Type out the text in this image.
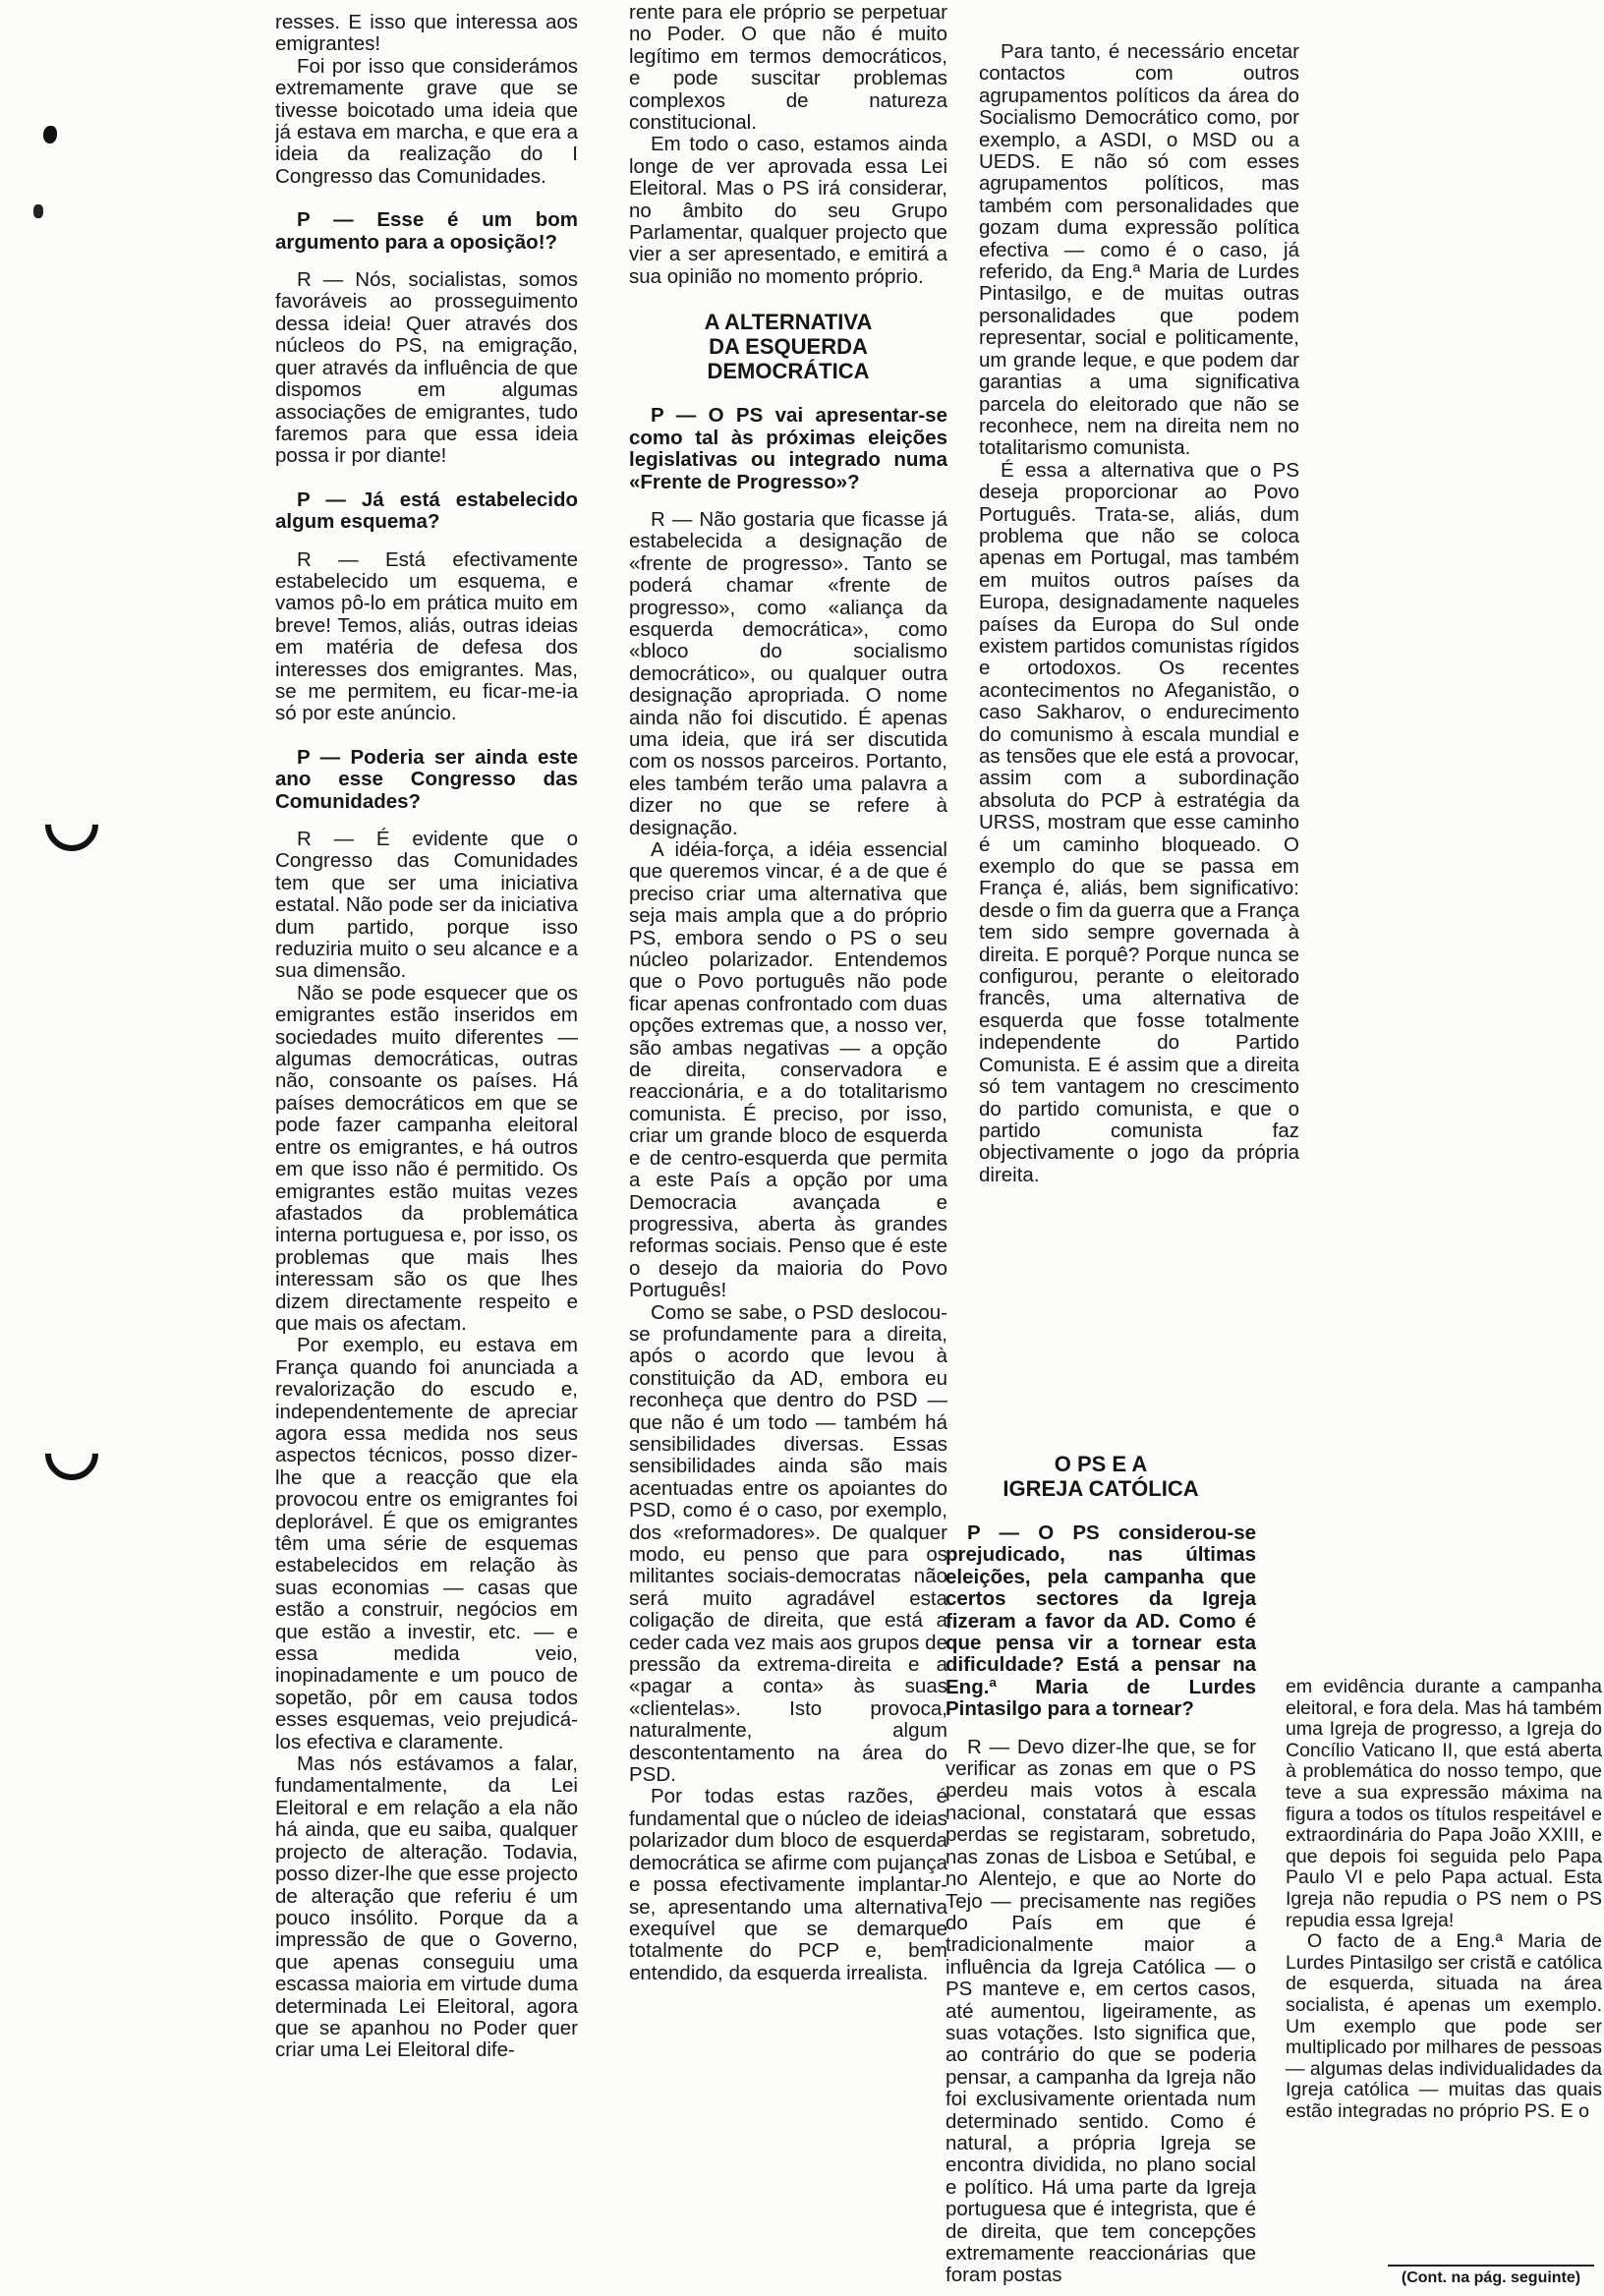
resses. E isso que interessa aos emigrantes!

Foi por isso que considerámos extremamente grave que se tivesse boicotado uma ideia que já estava em marcha, e que era a ideia da realização do I Congresso das Comunidades.

P — Esse é um bom argumento para a oposição!?

R — Nós, socialistas, somos favoráveis ao prosseguimento dessa ideia! Quer através dos núcleos do PS, na emigração, quer através da influência de que dispomos em algumas associações de emigrantes, tudo faremos para que essa ideia possa ir por diante!

P — Já está estabelecido algum esquema?

R — Está efectivamente estabelecido um esquema, e vamos pô-lo em prática muito em breve! Temos, aliás, outras ideias em matéria de defesa dos interesses dos emigrantes. Mas, se me permitem, eu ficar-me-ia só por este anúncio.

P — Poderia ser ainda este ano esse Congresso das Comunidades?

R — É evidente que o Congresso das Comunidades tem que ser uma iniciativa estatal. Não pode ser da iniciativa dum partido, porque isso reduziria muito o seu alcance e a sua dimensão.

Não se pode esquecer que os emigrantes estão inseridos em sociedades muito diferentes — algumas democráticas, outras não, consoante os países. Há países democráticos em que se pode fazer campanha eleitoral entre os emigrantes, e há outros em que isso não é permitido. Os emigrantes estão muitas vezes afastados da problemática interna portuguesa e, por isso, os problemas que mais lhes interessam são os que lhes dizem directamente respeito e que mais os afectam.

Por exemplo, eu estava em França quando foi anunciada a revalorização do escudo e, independentemente de apreciar agora essa medida nos seus aspectos técnicos, posso dizer-lhe que a reacção que ela provocou entre os emigrantes foi deplorável. É que os emigrantes têm uma série de esquemas estabelecidos em relação às suas economias — casas que estão a construir, negócios em que estão a investir, etc. — e essa medida veio, inopinadamente e um pouco de sopetão, pôr em causa todos esses esquemas, veio prejudicá-los efectiva e claramente.

Mas nós estávamos a falar, fundamentalmente, da Lei Eleitoral e em relação a ela não há ainda, que eu saiba, qualquer projecto de alteração. Todavia, posso dizer-lhe que esse projecto de alteração que referiu é um pouco insólito. Porque da a impressão de que o Governo, que apenas conseguiu uma escassa maioria em virtude duma determinada Lei Eleitoral, agora que se apanhou no Poder quer criar uma Lei Eleitoral dife-

rente para ele próprio se perpetuar no Poder. O que não é muito legítimo em termos democráticos, e pode suscitar problemas complexos de natureza constitucional.

Em todo o caso, estamos ainda longe de ver aprovada essa Lei Eleitoral. Mas o PS irá considerar, no âmbito do seu Grupo Parlamentar, qualquer projecto que vier a ser apresentado, e emitirá a sua opinião no momento próprio.

A ALTERNATIVA
DA ESQUERDA
DEMOCRÁTICA

P — O PS vai apresentar-se como tal às próximas eleições legislativas ou integrado numa «Frente de Progresso»?

R — Não gostaria que ficasse já estabelecida a designação de «frente de progresso». Tanto se poderá chamar «frente de progresso», como «aliança da esquerda democrática», como «bloco do socialismo democrático», ou qualquer outra designação apropriada. O nome ainda não foi discutido. É apenas uma ideia, que irá ser discutida com os nossos parceiros. Portanto, eles também terão uma palavra a dizer no que se refere à designação.

A idéia-força, a idéia essencial que queremos vincar, é a de que é preciso criar uma alternativa que seja mais ampla que a do próprio PS, embora sendo o PS o seu núcleo polarizador. Entendemos que o Povo português não pode ficar apenas confrontado com duas opções extremas que, a nosso ver, são ambas negativas — a opção de direita, conservadora e reaccionária, e a do totalitarismo comunista. É preciso, por isso, criar um grande bloco de esquerda e de centro-esquerda que permita a este País a opção por uma Democracia avançada e progressiva, aberta às grandes reformas sociais. Penso que é este o desejo da maioria do Povo Português!

Como se sabe, o PSD deslocou-se profundamente para a direita, após o acordo que levou à constituição da AD, embora eu reconheça que dentro do PSD — que não é um todo — também há sensibilidades diversas. Essas sensibilidades ainda são mais acentuadas entre os apoiantes do PSD, como é o caso, por exemplo, dos «reformadores». De qualquer modo, eu penso que para os militantes sociais-democratas não será muito agradável esta coligação de direita, que está a ceder cada vez mais aos grupos de pressão da extrema-direita e a «pagar a conta» às suas «clientelas». Isto provoca, naturalmente, algum descontentamento na área do PSD.

Por todas estas razões, é fundamental que o núcleo de ideias polarizador dum bloco de esquerda democrática se afirme com pujança e possa efectivamente implantar-se, apresentando uma alternativa exequível que se demarque totalmente do PCP e, bem entendido, da esquerda irrealista.

Para tanto, é necessário encetar contactos com outros agrupamentos políticos da área do Socialismo Democrático como, por exemplo, a ASDI, o MSD ou a UEDS. E não só com esses agrupamentos políticos, mas também com personalidades que gozam duma expressão política efectiva — como é o caso, já referido, da Eng.ª Maria de Lurdes Pintasilgo, e de muitas outras personalidades que podem representar, social e politicamente, um grande leque, e que podem dar garantias a uma significativa parcela do eleitorado que não se reconhece, nem na direita nem no totalitarismo comunista.

É essa a alternativa que o PS deseja proporcionar ao Povo Português. Trata-se, aliás, dum problema que não se coloca apenas em Portugal, mas também em muitos outros países da Europa, designadamente naqueles países da Europa do Sul onde existem partidos comunistas rígidos e ortodoxos. Os recentes acontecimentos no Afeganistão, o caso Sakharov, o endurecimento do comunismo à escala mundial e as tensões que ele está a provocar, assim com a subordinação absoluta do PCP à estratégia da URSS, mostram que esse caminho é um caminho bloqueado. O exemplo do que se passa em França é, aliás, bem significativo: desde o fim da guerra que a França tem sido sempre governada à direita. E porquê? Porque nunca se configurou, perante o eleitorado francês, uma alternativa de esquerda que fosse totalmente independente do Partido Comunista. E é assim que a direita só tem vantagem no crescimento do partido comunista, e que o partido comunista faz objectivamente o jogo da própria direita.

O PS E A
IGREJA CATÓLICA

P — O PS considerou-se prejudicado, nas últimas eleições, pela campanha que certos sectores da Igreja fizeram a favor da AD. Como é que pensa vir a tornear esta dificuldade? Está a pensar na Eng.ª Maria de Lurdes Pintasilgo para a tornear?

R — Devo dizer-lhe que, se for verificar as zonas em que o PS perdeu mais votos à escala nacional, constatará que essas perdas se registaram, sobretudo, nas zonas de Lisboa e Setúbal, e no Alentejo, e que ao Norte do Tejo — precisamente nas regiões do País em que é tradicionalmente maior a influência da Igreja Católica — o PS manteve e, em certos casos, até aumentou, ligeiramente, as suas votações. Isto significa que, ao contrário do que se poderia pensar, a campanha da Igreja não foi exclusivamente orientada num determinado sentido. Como é natural, a própria Igreja se encontra dividida, no plano social e político. Há uma parte da Igreja portuguesa que é integrista, que é de direita, que tem concepções extremamente reaccionárias que foram postas

em evidência durante a campanha eleitoral, e fora dela. Mas há também uma Igreja de progresso, a Igreja do Concílio Vaticano II, que está aberta à problemática do nosso tempo, que teve a sua expressão máxima na figura a todos os títulos respeitável e extraordinária do Papa João XXIII, e que depois foi seguida pelo Papa Paulo VI e pelo Papa actual. Esta Igreja não repudia o PS nem o PS repudia essa Igreja!

O facto de a Eng.ª Maria de Lurdes Pintasilgo ser cristã e católica de esquerda, situada na área socialista, é apenas um exemplo. Um exemplo que pode ser multiplicado por milhares de pessoas — algumas delas individualidades da Igreja católica — muitas das quais estão integradas no próprio PS. E o

(Cont. na pág. seguinte)
